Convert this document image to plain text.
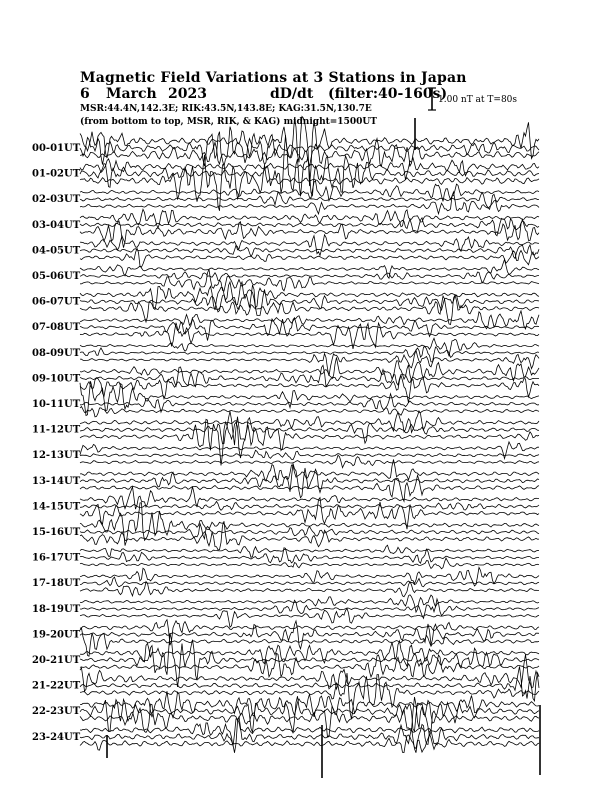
Magnetic Field Variations at 3 Stations in Japan
6 March 2023	dD/dt (filter:40-160s)
MSR:44.4N,142.3E; RIK:43.5N,143.8E; KAG:31.5N,130.7E
(from bottom to top, MSR, RIK, & KAG) midnight=1500UT
1.00 nT at T=80s
00-01UT
01-02UT
02-03UT
03-04UT
04-05UT
05-06UT
06-07UT
07-08UT
08-09UT
09-10UT
10-11UT
11-12UT
12-13UT
13-14UT
14-15UT
15-16UT
16-17UT
17-18UT
18-19UT
19-20UT
20-21UT
21-22UT
22-23UT
23-24UT
